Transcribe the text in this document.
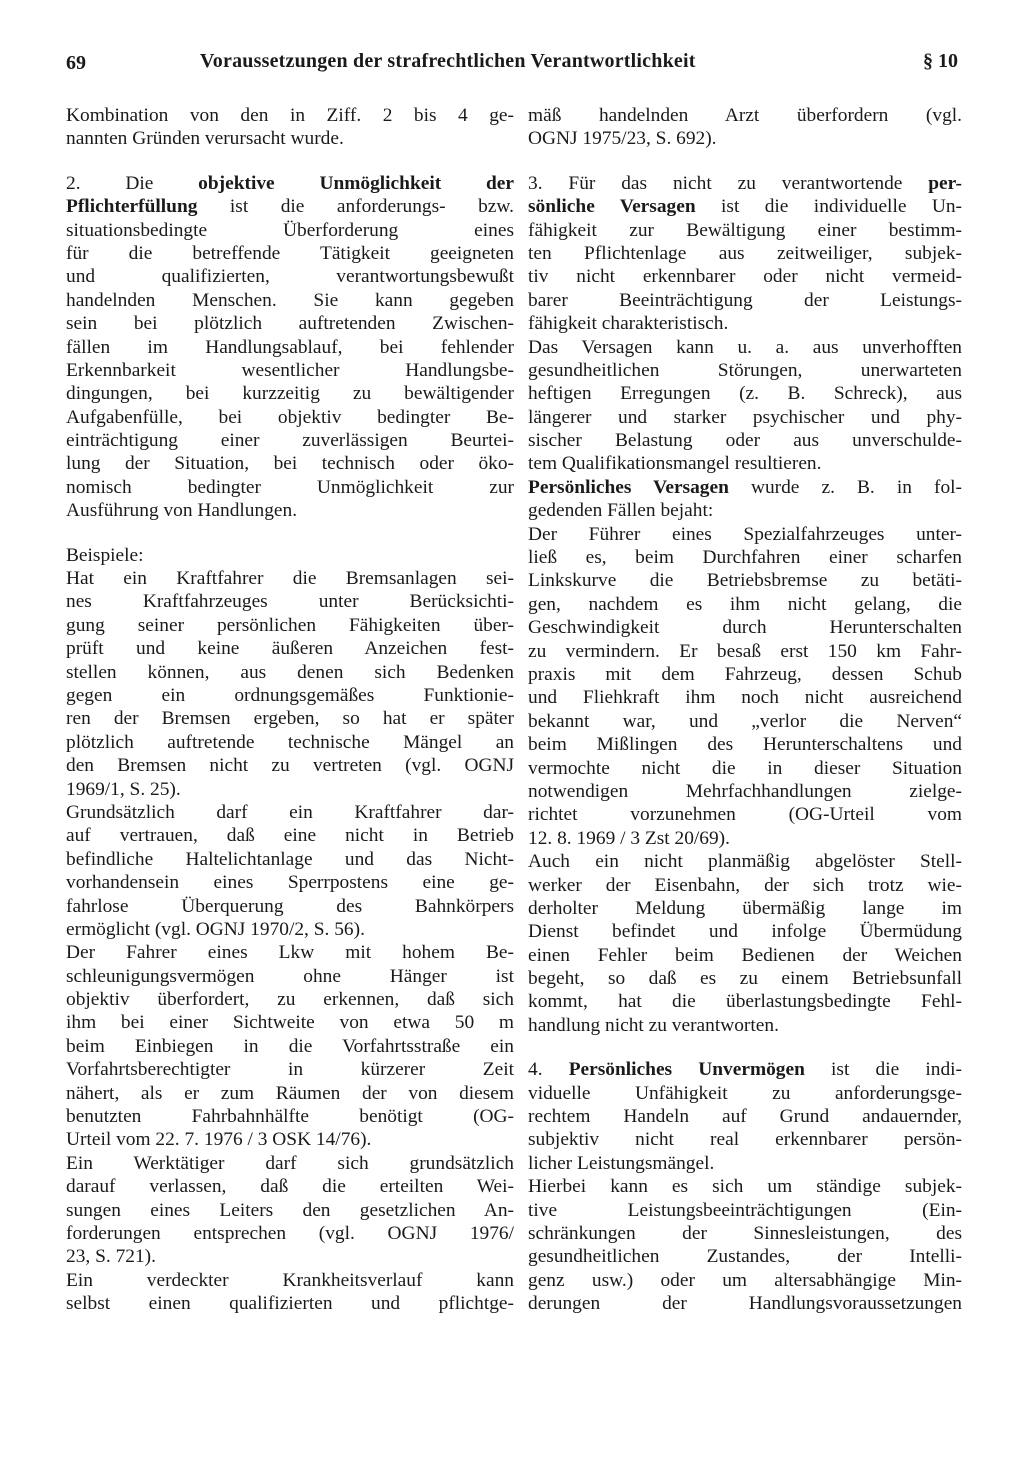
69	Voraussetzungen der strafrechtlichen Verantwortlichkeit	§ 10
Kombination von den in Ziff. 2 bis 4 ge-
nannten Gründen verursacht wurde.
2. Die objektive Unmöglichkeit der
Pflichterfüllung ist die anforderungs- bzw.
situationsbedingte Überforderung eines
für die betreffende Tätigkeit geeigneten
und qualifizierten, verantwortungsbewußt
handelnden Menschen. Sie kann gegeben
sein bei plötzlich auftretenden Zwischen-
fällen im Handlungsablauf, bei fehlender
Erkennbarkeit wesentlicher Handlungsbe-
dingungen, bei kurzzeitig zu bewältigender
Aufgabenfülle, bei objektiv bedingter Be-
einträchtigung einer zuverlässigen Beurtei-
lung der Situation, bei technisch oder öko-
nomisch bedingter Unmöglichkeit zur
Ausführung von Handlungen.
Beispiele:
Hat ein Kraftfahrer die Bremsanlagen sei-
nes Kraftfahrzeuges unter Berücksichti-
gung seiner persönlichen Fähigkeiten über-
prüft und keine äußeren Anzeichen fest-
stellen können, aus denen sich Bedenken
gegen ein ordnungsgemäßes Funktionie-
ren der Bremsen ergeben, so hat er später
plötzlich auftretende technische Mängel an
den Bremsen nicht zu vertreten (vgl. OGNJ
1969/1, S. 25).
Grundsätzlich darf ein Kraftfahrer dar-
auf vertrauen, daß eine nicht in Betrieb
befindliche Haltelichtanlage und das Nicht-
vorhandensein eines Sperrpostens eine ge-
fahrlose Überquerung des Bahnkörpers
ermöglicht (vgl. OGNJ 1970/2, S. 56).
Der Fahrer eines Lkw mit hohem Be-
schleunigungsvermögen ohne Hänger ist
objektiv überfordert, zu erkennen, daß sich
ihm bei einer Sichtweite von etwa 50 m
beim Einbiegen in die Vorfahrtsstraße ein
Vorfahrtsberechtigter in kürzerer Zeit
nähert, als er zum Räumen der von diesem
benutzten Fahrbahnhälfte benötigt (OG-
Urteil vom 22. 7. 1976 / 3 OSK 14/76).
Ein Werktätiger darf sich grundsätzlich
darauf verlassen, daß die erteilten Wei-
sungen eines Leiters den gesetzlichen An-
forderungen entsprechen (vgl. OGNJ 1976/
23, S. 721).
Ein verdeckter Krankheitsverlauf kann
selbst einen qualifizierten und pflichtge-
mäß handelnden Arzt überfordern (vgl.
OGNJ 1975/23, S. 692).
3. Für das nicht zu verantwortende per-
sönliche Versagen ist die individuelle Un-
fähigkeit zur Bewältigung einer bestimm-
ten Pflichtenlage aus zeitweiliger, subjek-
tiv nicht erkennbarer oder nicht vermeid-
barer Beeinträchtigung der Leistungs-
fähigkeit charakteristisch.
Das Versagen kann u. a. aus unverhofften
gesundheitlichen Störungen, unerwarteten
heftigen Erregungen (z. B. Schreck), aus
längerer und starker psychischer und phy-
sischer Belastung oder aus unverschulde-
tem Qualifikationsmangel resultieren.
Persönliches Versagen wurde z. B. in fol-
gedenden Fällen bejaht:
Der Führer eines Spezialfahrzeuges unter-
ließ es, beim Durchfahren einer scharfen
Linkskurve die Betriebsbremse zu betäti-
gen, nachdem es ihm nicht gelang, die
Geschwindigkeit durch Herunterschalten
zu vermindern. Er besaß erst 150 km Fahr-
praxis mit dem Fahrzeug, dessen Schub
und Fliehkraft ihm noch nicht ausreichend
bekannt war, und „verlor die Nerven“
beim Mißlingen des Herunterschaltens und
vermochte nicht die in dieser Situation
notwendigen Mehrfachhandlungen zielge-
richtet vorzunehmen (OG-Urteil vom
12. 8. 1969 / 3 Zst 20/69).
Auch ein nicht planmäßig abgelöster Stell-
werker der Eisenbahn, der sich trotz wie-
derholter Meldung übermäßig lange im
Dienst befindet und infolge Übermüdung
einen Fehler beim Bedienen der Weichen
begeht, so daß es zu einem Betriebsunfall
kommt, hat die überlastungsbedingte Fehl-
handlung nicht zu verantworten.
4. Persönliches Unvermögen ist die indi-
viduelle Unfähigkeit zu anforderungsge-
rechtem Handeln auf Grund andauernder,
subjektiv nicht real erkennbarer persön-
licher Leistungsmängel.
Hierbei kann es sich um ständige subjek-
tive Leistungsbeeinträchtigungen (Ein-
schränkungen der Sinnesleistungen, des
gesundheitlichen Zustandes, der Intelli-
genz usw.) oder um altersabhängige Min-
derungen der Handlungsvoraussetzungen
